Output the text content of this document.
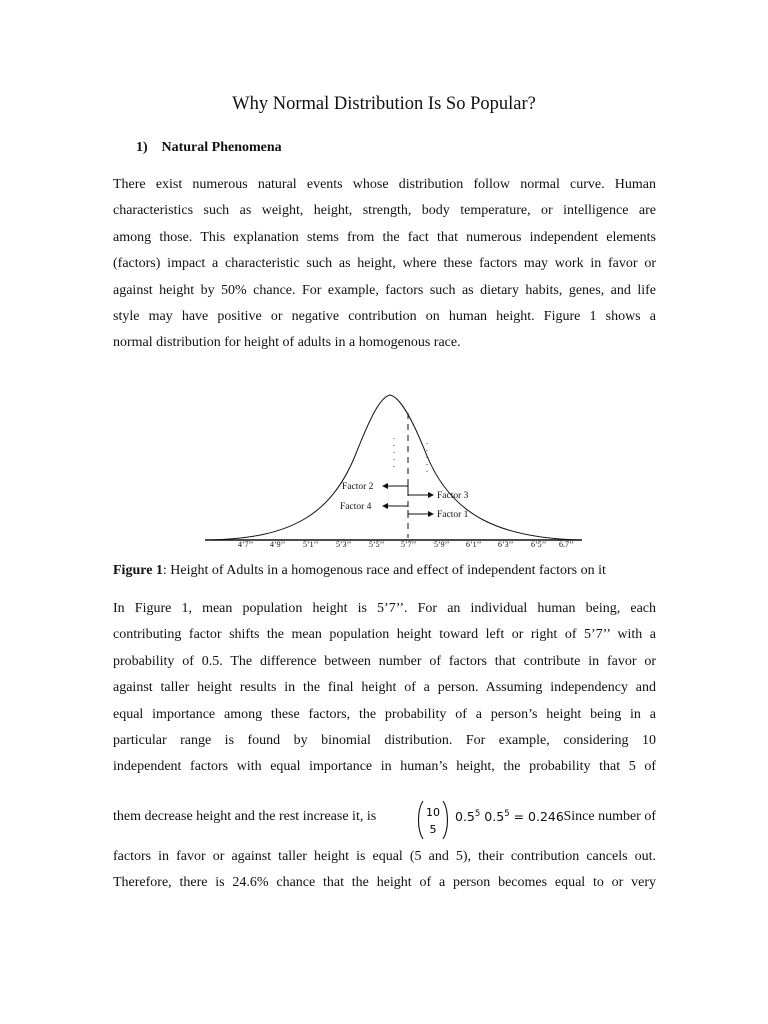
Why Normal Distribution Is So Popular?
1) Natural Phenomena
There exist numerous natural events whose distribution follow normal curve. Human
characteristics such as weight, height, strength, body temperature, or intelligence are
among those. This explanation stems from the fact that numerous independent elements
(factors) impact a characteristic such as height, where these factors may work in favor or
against height by 50% chance. For example, factors such as dietary habits, genes, and life
style may have positive or negative contribution on human height. Figure 1 shows a
normal distribution for height of adults in a homogenous race.
Factor 2
Factor 4
Factor 3
Factor 1
4’7’’ 4’9’’ 5’1’’ 5’3’’ 5’5’’ 5’7’’ 5’9’’ 6’1’’ 6’3’’ 6’5’’ 6.7’’
Figure 1: Height of Adults in a homogenous race and effect of independent factors on it
In Figure 1, mean population height is 5’7’’. For an individual human being, each
contributing factor shifts the mean population height toward left or right of 5’7’’ with a
probability of 0.5. The difference between number of factors that contribute in favor or
against taller height results in the final height of a person. Assuming independency and
equal importance among these factors, the probability of a person’s height being in a
particular range is found by binomial distribution. For example, considering 10
independent factors with equal importance in human’s height, the probability that 5 of
them decrease height and the rest increase it, is	10
5
$0.5^5$ $0.5^5 = 0.246$
. Since number of
factors in favor or against taller height is equal (5 and 5), their contribution cancels out.
Therefore, there is 24.6% chance that the height of a person becomes equal to or very
